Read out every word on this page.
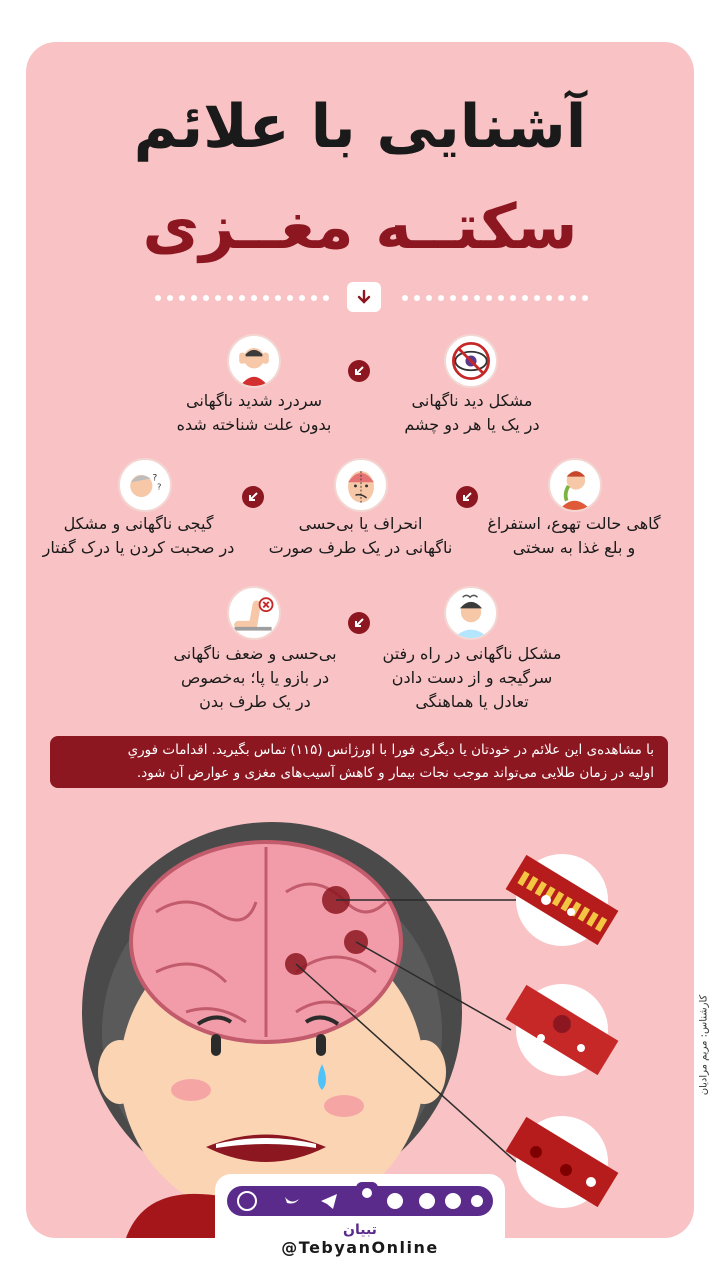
آشنایی با علائم
سکتــه مغــزی
مشکل دید ناگهانی
در یک یا هر دو چشم
سردرد شدید ناگهانی
بدون علت شناخته شده
گاهی حالت تهوع، استفراغ
و بلع غذا به سختی
انحراف یا بی‌حسی
ناگهانی در یک طرف صورت
?
?
گیجی ناگهانی و مشکل
در صحبت کردن یا درک گفتار
مشکل ناگهانی در راه رفتن
سرگیجه و از دست دادن
تعادل یا هماهنگی
بی‌حسی و ضعف ناگهانی
در بازو یا پا؛ به‌خصوص
در یک طرف بدن
با مشاهده‌ی این علائم در خودتان یا دیگری فورا با اورژانس (۱۱۵) تماس بگیرید. اقدامات فوریِ
اولیه در زمان طلایی می‌تواند موجب نجات بیمار و کاهش آسیب‌های مغزی و عوارض آن شود.
کارشناس: مریم مرادیان
تبیان
@TebyanOnline
